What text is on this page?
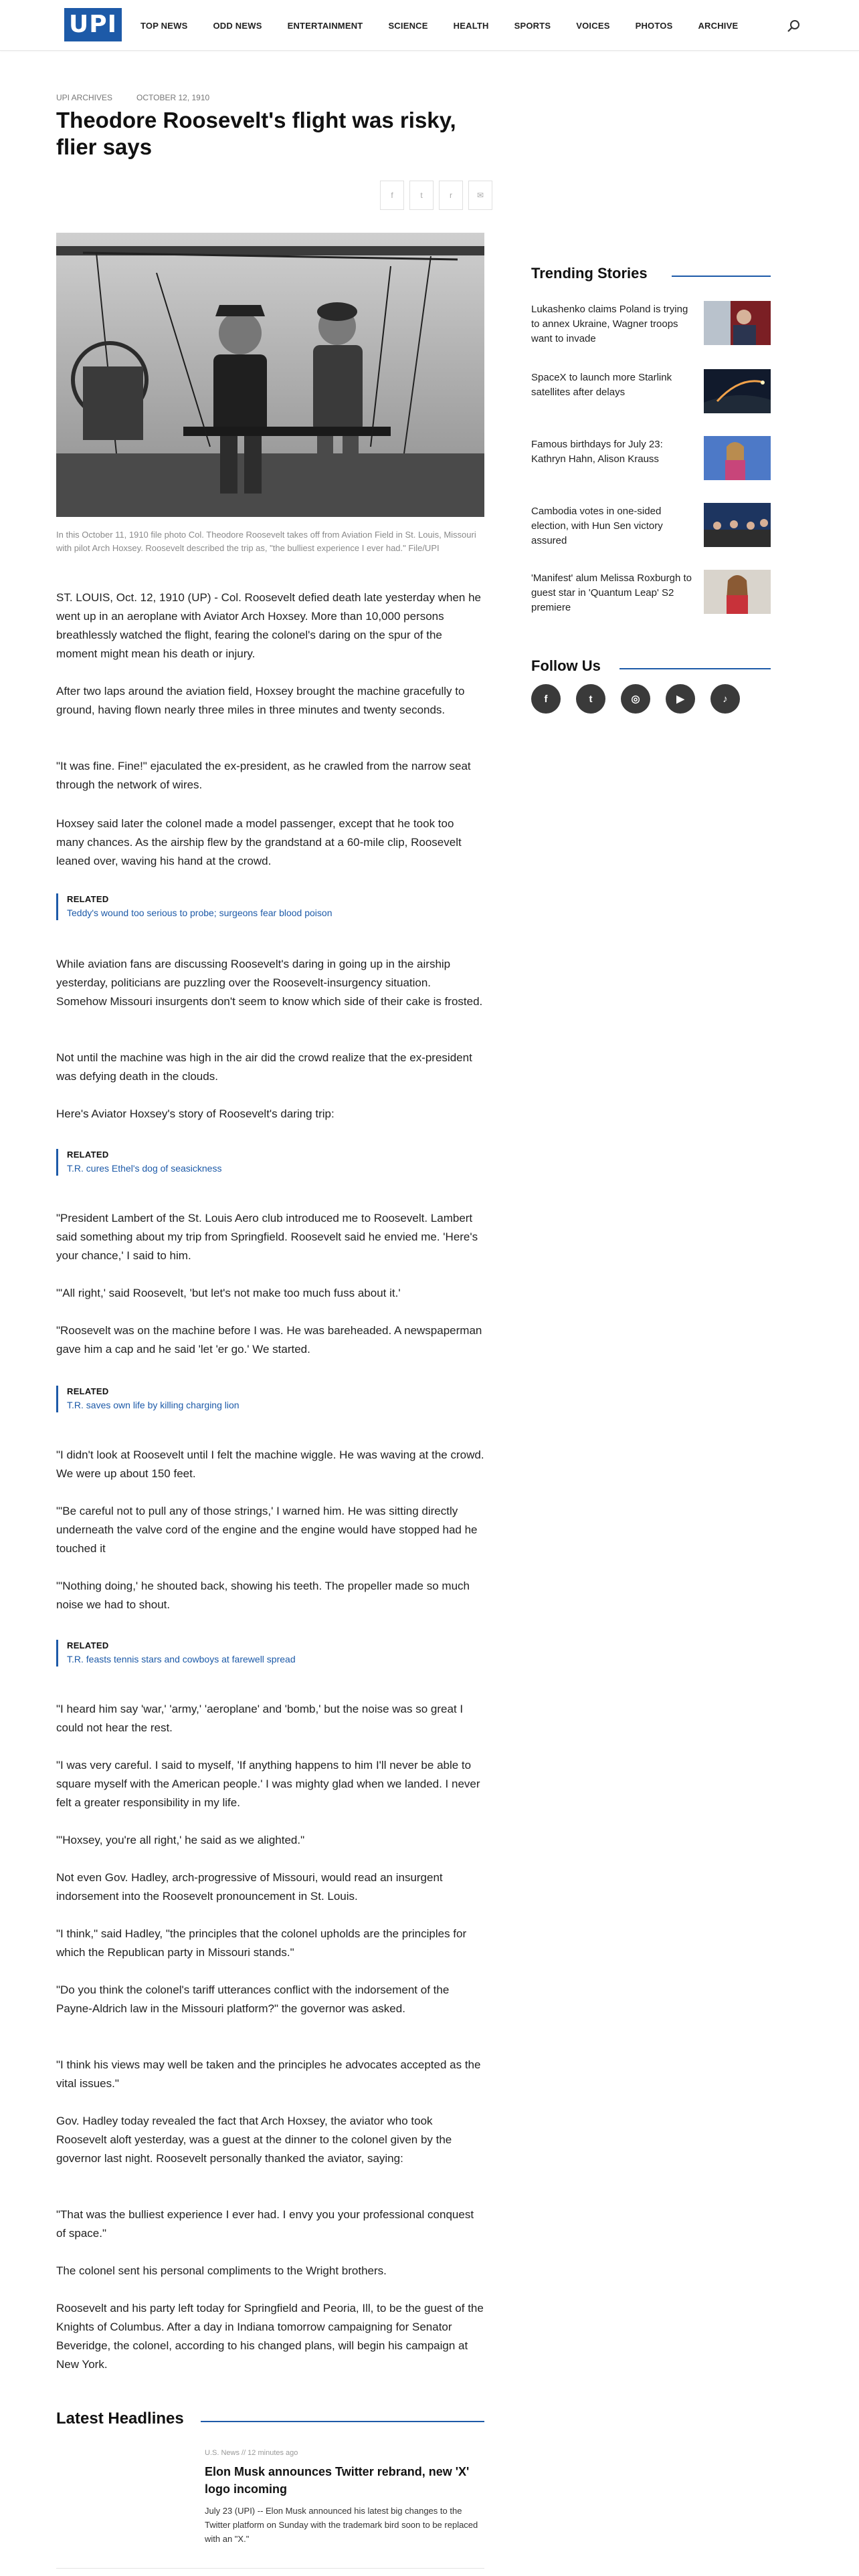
UPI	TOP NEWS	ODD NEWS	ENTERTAINMENT	SCIENCE	HEALTH	SPORTS	VOICES	PHOTOS	ARCHIVE
UPI ARCHIVES	OCTOBER 12, 1910
Theodore Roosevelt's flight was risky, flier says
f	t	r	✉

In this October 11, 1910 file photo Col. Theodore Roosevelt takes off from Aviation Field in St. Louis, Missouri with pilot Arch Hoxsey. Roosevelt described the trip as, "the bulliest experience I ever had." File/UPI

ST. LOUIS, Oct. 12, 1910 (UP) - Col. Roosevelt defied death late yesterday when he went up in an aeroplane with Aviator Arch Hoxsey. More than 10,000 persons breathlessly watched the flight, fearing the colonel's daring on the spur of the moment might mean his death or injury.

After two laps around the aviation field, Hoxsey brought the machine gracefully to ground, having flown nearly three miles in three minutes and twenty seconds.

"It was fine. Fine!" ejaculated the ex-president, as he crawled from the narrow seat through the network of wires.

Hoxsey said later the colonel made a model passenger, except that he took too many chances. As the airship flew by the grandstand at a 60-mile clip, Roosevelt leaned over, waving his hand at the crowd.

RELATED
Teddy's wound too serious to probe; surgeons fear blood poison

While aviation fans are discussing Roosevelt's daring in going up in the airship yesterday, politicians are puzzling over the Roosevelt-insurgency situation. Somehow Missouri insurgents don't seem to know which side of their cake is frosted.

Not until the machine was high in the air did the crowd realize that the ex-president was defying death in the clouds.

Here's Aviator Hoxsey's story of Roosevelt's daring trip:

RELATED
T.R. cures Ethel's dog of seasickness

"President Lambert of the St. Louis Aero club introduced me to Roosevelt. Lambert said something about my trip from Springfield. Roosevelt said he envied me. 'Here's your chance,' I said to him.

"'All right,' said Roosevelt, 'but let's not make too much fuss about it.'

"Roosevelt was on the machine before I was. He was bareheaded. A newspaperman gave him a cap and he said 'let 'er go.' We started.

RELATED
T.R. saves own life by killing charging lion

"I didn't look at Roosevelt until I felt the machine wiggle. He was waving at the crowd. We were up about 150 feet.

"'Be careful not to pull any of those strings,' I warned him. He was sitting directly underneath the valve cord of the engine and the engine would have stopped had he touched it

"'Nothing doing,' he shouted back, showing his teeth. The propeller made so much noise we had to shout.

RELATED
T.R. feasts tennis stars and cowboys at farewell spread

"I heard him say 'war,' 'army,' 'aeroplane' and 'bomb,' but the noise was so great I could not hear the rest.

"I was very careful. I said to myself, 'If anything happens to him I'll never be able to square myself with the American people.' I was mighty glad when we landed. I never felt a greater responsibility in my life.

"'Hoxsey, you're all right,' he said as we alighted."

Not even Gov. Hadley, arch-progressive of Missouri, would read an insurgent indorsement into the Roosevelt pronouncement in St. Louis.

"I think," said Hadley, "the principles that the colonel upholds are the principles for which the Republican party in Missouri stands."

"Do you think the colonel's tariff utterances conflict with the indorsement of the Payne-Aldrich law in the Missouri platform?" the governor was asked.

"I think his views may well be taken and the principles he advocates accepted as the vital issues."

Gov. Hadley today revealed the fact that Arch Hoxsey, the aviator who took Roosevelt aloft yesterday, was a guest at the dinner to the colonel given by the governor last night. Roosevelt personally thanked the aviator, saying:

"That was the bulliest experience I ever had. I envy you your professional conquest of space."

The colonel sent his personal compliments to the Wright brothers.

Roosevelt and his party left today for Springfield and Peoria, Ill, to be the guest of the Knights of Columbus. After a day in Indiana tomorrow campaigning for Senator Beveridge, the colonel, according to his changed plans, will begin his campaign at New York.

Trending Stories
Lukashenko claims Poland is trying to annex Ukraine, Wagner troops want to invade
SpaceX to launch more Starlink satellites after delays
Famous birthdays for July 23: Kathryn Hahn, Alison Krauss
Cambodia votes in one-sided election, with Hun Sen victory assured
'Manifest' alum Melissa Roxburgh to guest star in 'Quantum Leap' S2 premiere
Follow Us
f	t	◎	▶	♪
Latest Headlines
U.S. News // 12 minutes ago
Elon Musk announces Twitter rebrand, new 'X' logo incoming
July 23 (UPI) -- Elon Musk announced his latest big changes to the Twitter platform on Sunday with the trademark bird soon to be replaced with an "X."
